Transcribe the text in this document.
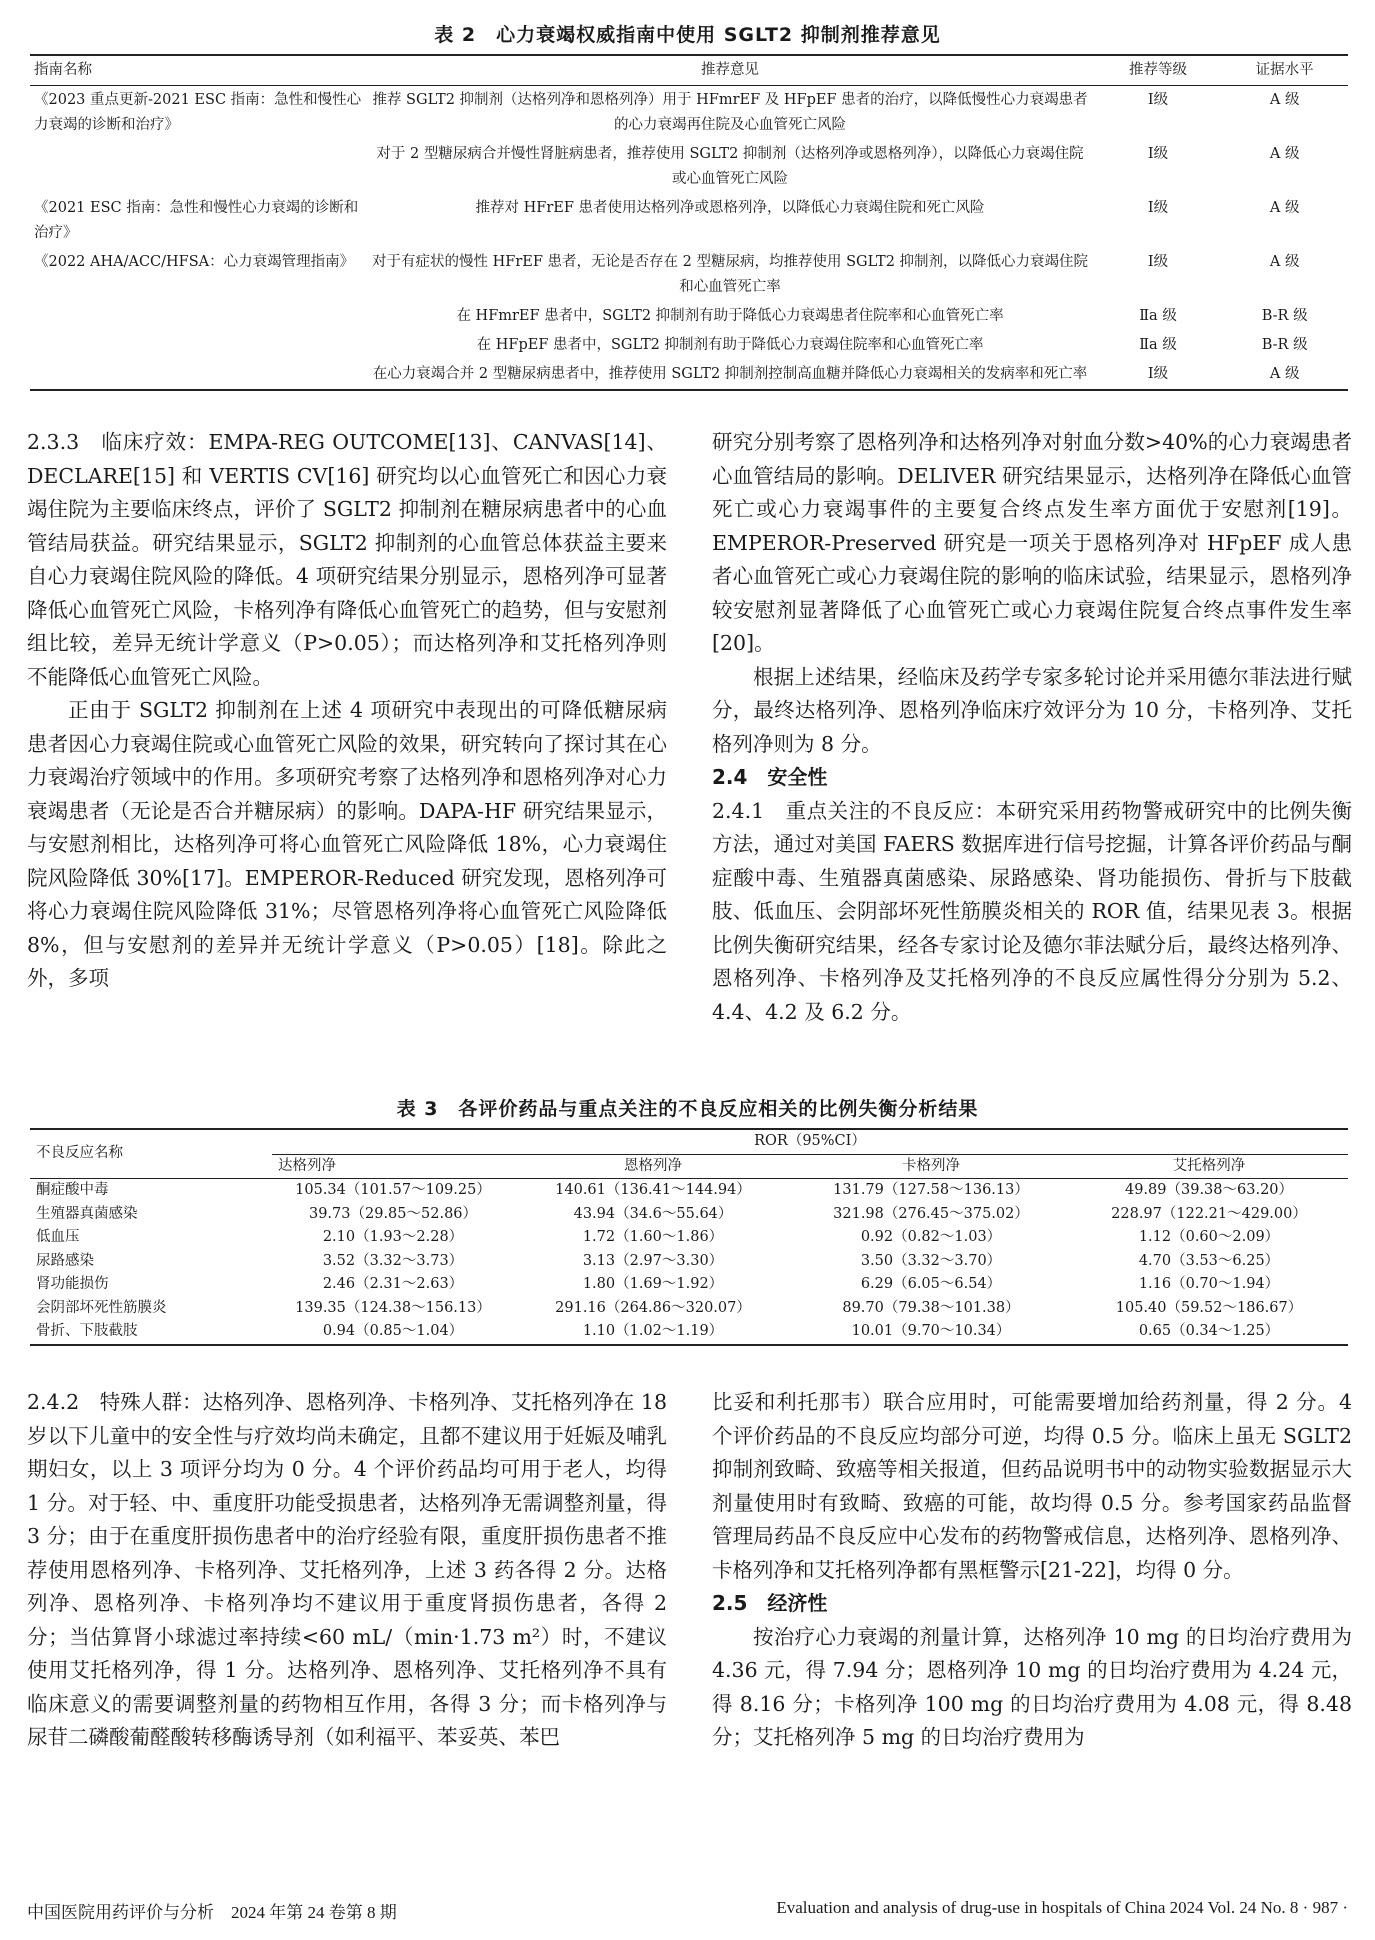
表 2　心力衰竭权威指南中使用 SGLT2 抑制剂推荐意见
指南名称	推荐意见	推荐等级	证据水平
《2023 重点更新-2021 ESC 指南：急性和慢性心力衰竭的诊断和治疗》	推荐 SGLT2 抑制剂（达格列净和恩格列净）用于 HFmrEF 及 HFpEF 患者的治疗，以降低慢性心力衰竭患者的心力衰竭再住院及心血管死亡风险	Ⅰ级	A 级
	对于 2 型糖尿病合并慢性肾脏病患者，推荐使用 SGLT2 抑制剂（达格列净或恩格列净），以降低心力衰竭住院或心血管死亡风险	Ⅰ级	A 级
《2021 ESC 指南：急性和慢性心力衰竭的诊断和治疗》	推荐对 HFrEF 患者使用达格列净或恩格列净，以降低心力衰竭住院和死亡风险	Ⅰ级	A 级
《2022 AHA/ACC/HFSA：心力衰竭管理指南》	对于有症状的慢性 HFrEF 患者，无论是否存在 2 型糖尿病，均推荐使用 SGLT2 抑制剂，以降低心力衰竭住院和心血管死亡率	Ⅰ级	A 级
	在 HFmrEF 患者中，SGLT2 抑制剂有助于降低心力衰竭患者住院率和心血管死亡率	Ⅱa 级	B-R 级
	在 HFpEF 患者中，SGLT2 抑制剂有助于降低心力衰竭住院率和心血管死亡率	Ⅱa 级	B-R 级
	在心力衰竭合并 2 型糖尿病患者中，推荐使用 SGLT2 抑制剂控制高血糖并降低心力衰竭相关的发病率和死亡率	Ⅰ级	A 级

2.3.3　临床疗效：EMPA-REG OUTCOME[13]、CANVAS[14]、DECLARE[15] 和 VERTIS CV[16] 研究均以心血管死亡和因心力衰竭住院为主要临床终点，评价了 SGLT2 抑制剂在糖尿病患者中的心血管结局获益。研究结果显示，SGLT2 抑制剂的心血管总体获益主要来自心力衰竭住院风险的降低。4 项研究结果分别显示，恩格列净可显著降低心血管死亡风险，卡格列净有降低心血管死亡的趋势，但与安慰剂组比较，差异无统计学意义（P>0.05）；而达格列净和艾托格列净则不能降低心血管死亡风险。

正由于 SGLT2 抑制剂在上述 4 项研究中表现出的可降低糖尿病患者因心力衰竭住院或心血管死亡风险的效果，研究转向了探讨其在心力衰竭治疗领域中的作用。多项研究考察了达格列净和恩格列净对心力衰竭患者（无论是否合并糖尿病）的影响。DAPA-HF 研究结果显示，与安慰剂相比，达格列净可将心血管死亡风险降低 18%，心力衰竭住院风险降低 30%[17]。EMPEROR-Reduced 研究发现，恩格列净可将心力衰竭住院风险降低 31%；尽管恩格列净将心血管死亡风险降低 8%，但与安慰剂的差异并无统计学意义（P>0.05）[18]。除此之外，多项

研究分别考察了恩格列净和达格列净对射血分数>40%的心力衰竭患者心血管结局的影响。DELIVER 研究结果显示，达格列净在降低心血管死亡或心力衰竭事件的主要复合终点发生率方面优于安慰剂[19]。EMPEROR-Preserved 研究是一项关于恩格列净对 HFpEF 成人患者心血管死亡或心力衰竭住院的影响的临床试验，结果显示，恩格列净较安慰剂显著降低了心血管死亡或心力衰竭住院复合终点事件发生率[20]。

根据上述结果，经临床及药学专家多轮讨论并采用德尔菲法进行赋分，最终达格列净、恩格列净临床疗效评分为 10 分，卡格列净、艾托格列净则为 8 分。

2.4　安全性

2.4.1　重点关注的不良反应：本研究采用药物警戒研究中的比例失衡方法，通过对美国 FAERS 数据库进行信号挖掘，计算各评价药品与酮症酸中毒、生殖器真菌感染、尿路感染、肾功能损伤、骨折与下肢截肢、低血压、会阴部坏死性筋膜炎相关的 ROR 值，结果见表 3。根据比例失衡研究结果，经各专家讨论及德尔菲法赋分后，最终达格列净、恩格列净、卡格列净及艾托格列净的不良反应属性得分分别为 5.2、4.4、4.2 及 6.2 分。

表 3　各评价药品与重点关注的不良反应相关的比例失衡分析结果
不良反应名称	ROR（95%CI）			
	达格列净	恩格列净	卡格列净	艾托格列净
酮症酸中毒	105.34（101.57～109.25）	140.61（136.41～144.94）	131.79（127.58～136.13）	49.89（39.38～63.20）
生殖器真菌感染	39.73（29.85～52.86）	43.94（34.6～55.64）	321.98（276.45～375.02）	228.97（122.21～429.00）
低血压	2.10（1.93～2.28）	1.72（1.60～1.86）	0.92（0.82～1.03）	1.12（0.60～2.09）
尿路感染	3.52（3.32～3.73）	3.13（2.97～3.30）	3.50（3.32～3.70）	4.70（3.53～6.25）
肾功能损伤	2.46（2.31～2.63）	1.80（1.69～1.92）	6.29（6.05～6.54）	1.16（0.70～1.94）
会阴部坏死性筋膜炎	139.35（124.38～156.13）	291.16（264.86～320.07）	89.70（79.38～101.38）	105.40（59.52～186.67）
骨折、下肢截肢	0.94（0.85～1.04）	1.10（1.02～1.19）	10.01（9.70～10.34）	0.65（0.34～1.25）

2.4.2　特殊人群：达格列净、恩格列净、卡格列净、艾托格列净在 18 岁以下儿童中的安全性与疗效均尚未确定，且都不建议用于妊娠及哺乳期妇女，以上 3 项评分均为 0 分。4 个评价药品均可用于老人，均得 1 分。对于轻、中、重度肝功能受损患者，达格列净无需调整剂量，得 3 分；由于在重度肝损伤患者中的治疗经验有限，重度肝损伤患者不推荐使用恩格列净、卡格列净、艾托格列净，上述 3 药各得 2 分。达格列净、恩格列净、卡格列净均不建议用于重度肾损伤患者，各得 2 分；当估算肾小球滤过率持续<60 mL/（min·1.73 m²）时，不建议使用艾托格列净，得 1 分。达格列净、恩格列净、艾托格列净不具有临床意义的需要调整剂量的药物相互作用，各得 3 分；而卡格列净与尿苷二磷酸葡醛酸转移酶诱导剂（如利福平、苯妥英、苯巴

比妥和利托那韦）联合应用时，可能需要增加给药剂量，得 2 分。4 个评价药品的不良反应均部分可逆，均得 0.5 分。临床上虽无 SGLT2 抑制剂致畸、致癌等相关报道，但药品说明书中的动物实验数据显示大剂量使用时有致畸、致癌的可能，故均得 0.5 分。参考国家药品监督管理局药品不良反应中心发布的药物警戒信息，达格列净、恩格列净、卡格列净和艾托格列净都有黑框警示[21-22]，均得 0 分。

2.5　经济性

按治疗心力衰竭的剂量计算，达格列净 10 mg 的日均治疗费用为 4.36 元，得 7.94 分；恩格列净 10 mg 的日均治疗费用为 4.24 元，得 8.16 分；卡格列净 100 mg 的日均治疗费用为 4.08 元，得 8.48 分；艾托格列净 5 mg 的日均治疗费用为

中国医院用药评价与分析　2024 年第 24 卷第 8 期	Evaluation and analysis of drug-use in hospitals of China 2024 Vol. 24 No. 8 · 987 ·
